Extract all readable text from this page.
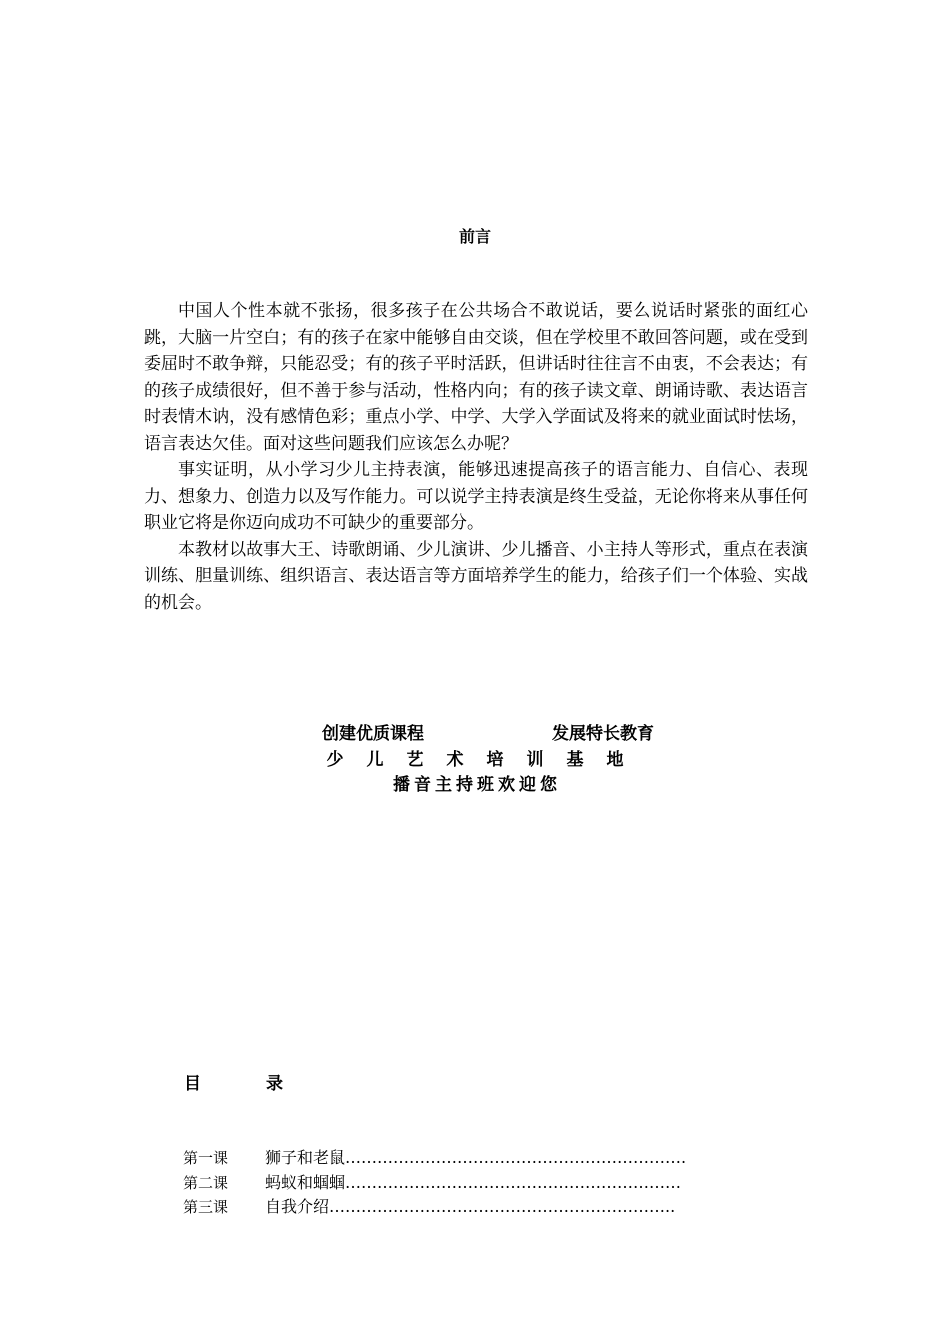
前言

中国人个性本就不张扬，很多孩子在公共场合不敢说话，要么说话时紧张的面红心跳，大脑一片空白；有的孩子在家中能够自由交谈，但在学校里不敢回答问题，或在受到委屈时不敢争辩，只能忍受；有的孩子平时活跃，但讲话时往往言不由衷，不会表达；有的孩子成绩很好，但不善于参与活动，性格内向；有的孩子读文章、朗诵诗歌、表达语言时表情木讷，没有感情色彩；重点小学、中学、大学入学面试及将来的就业面试时怯场，语言表达欠佳。面对这些问题我们应该怎么办呢？

事实证明，从小学习少儿主持表演，能够迅速提高孩子的语言能力、自信心、表现力、想象力、创造力以及写作能力。可以说学主持表演是终生受益，无论你将来从事任何职业它将是你迈向成功不可缺少的重要部分。

本教材以故事大王、诗歌朗诵、少儿演讲、少儿播音、小主持人等形式，重点在表演训练、胆量训练、组织语言、表达语言等方面培养学生的能力，给孩子们一个体验、实战的机会。

创建优质课程	发展特长教育
少儿艺术培训基地
播音主持班欢迎您
目	录
第一课 狮子和老鼠……………………………………………………….
第二课 蚂蚁和蝈蝈………………………………………………………
第三课 自我介绍………………………………………………………..
